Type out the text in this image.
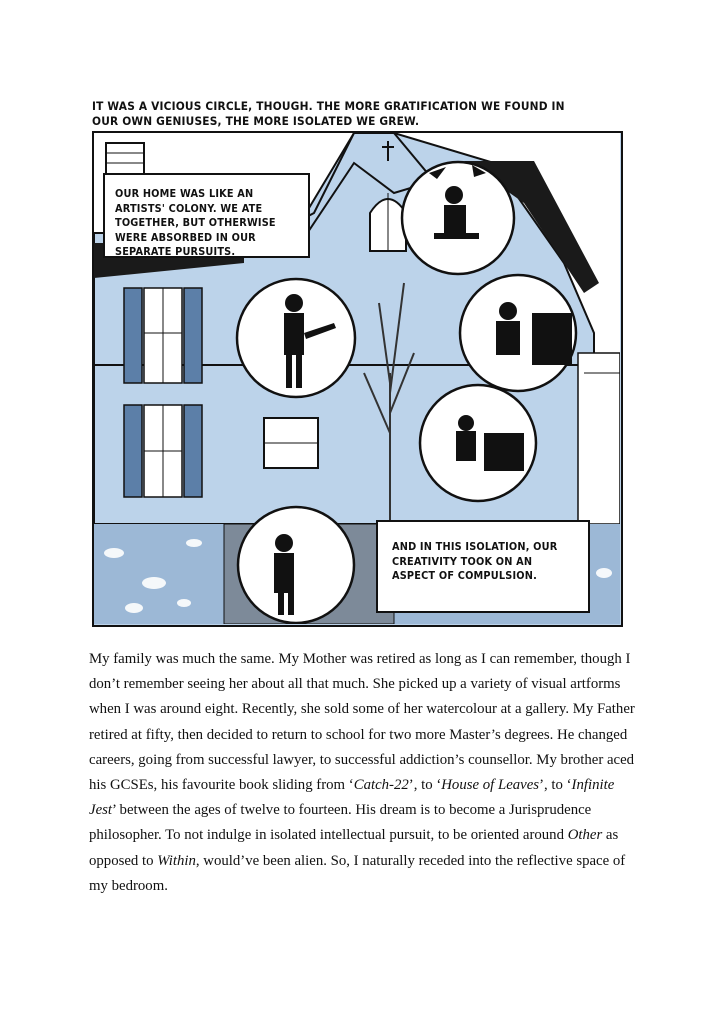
IT WAS A VICIOUS CIRCLE, THOUGH. THE MORE GRATIFICATION WE FOUND IN OUR OWN GENIUSES, THE MORE ISOLATED WE GREW.
OUR HOME WAS LIKE AN ARTISTS' COLONY. WE ATE TOGETHER, BUT OTHERWISE WERE ABSORBED IN OUR SEPARATE PURSUITS.
AND IN THIS ISOLATION, OUR CREATIVITY TOOK ON AN ASPECT OF COMPULSION.

My family was much the same. My Mother was retired as long as I can remember, though I don’t remember seeing her about all that much. She picked up a variety of visual artforms when I was around eight. Recently, she sold some of her watercolour at a gallery. My Father retired at fifty, then decided to return to school for two more Master’s degrees. He changed careers, going from successful lawyer, to successful addiction’s counsellor. My brother aced his GCSEs, his favourite book sliding from ‘Catch-22’, to ‘House of Leaves’, to ‘Infinite Jest’ between the ages of twelve to fourteen. His dream is to become a Jurisprudence philosopher. To not indulge in isolated intellectual pursuit, to be oriented around Other as opposed to Within, would’ve been alien. So, I naturally receded into the reflective space of my bedroom.
